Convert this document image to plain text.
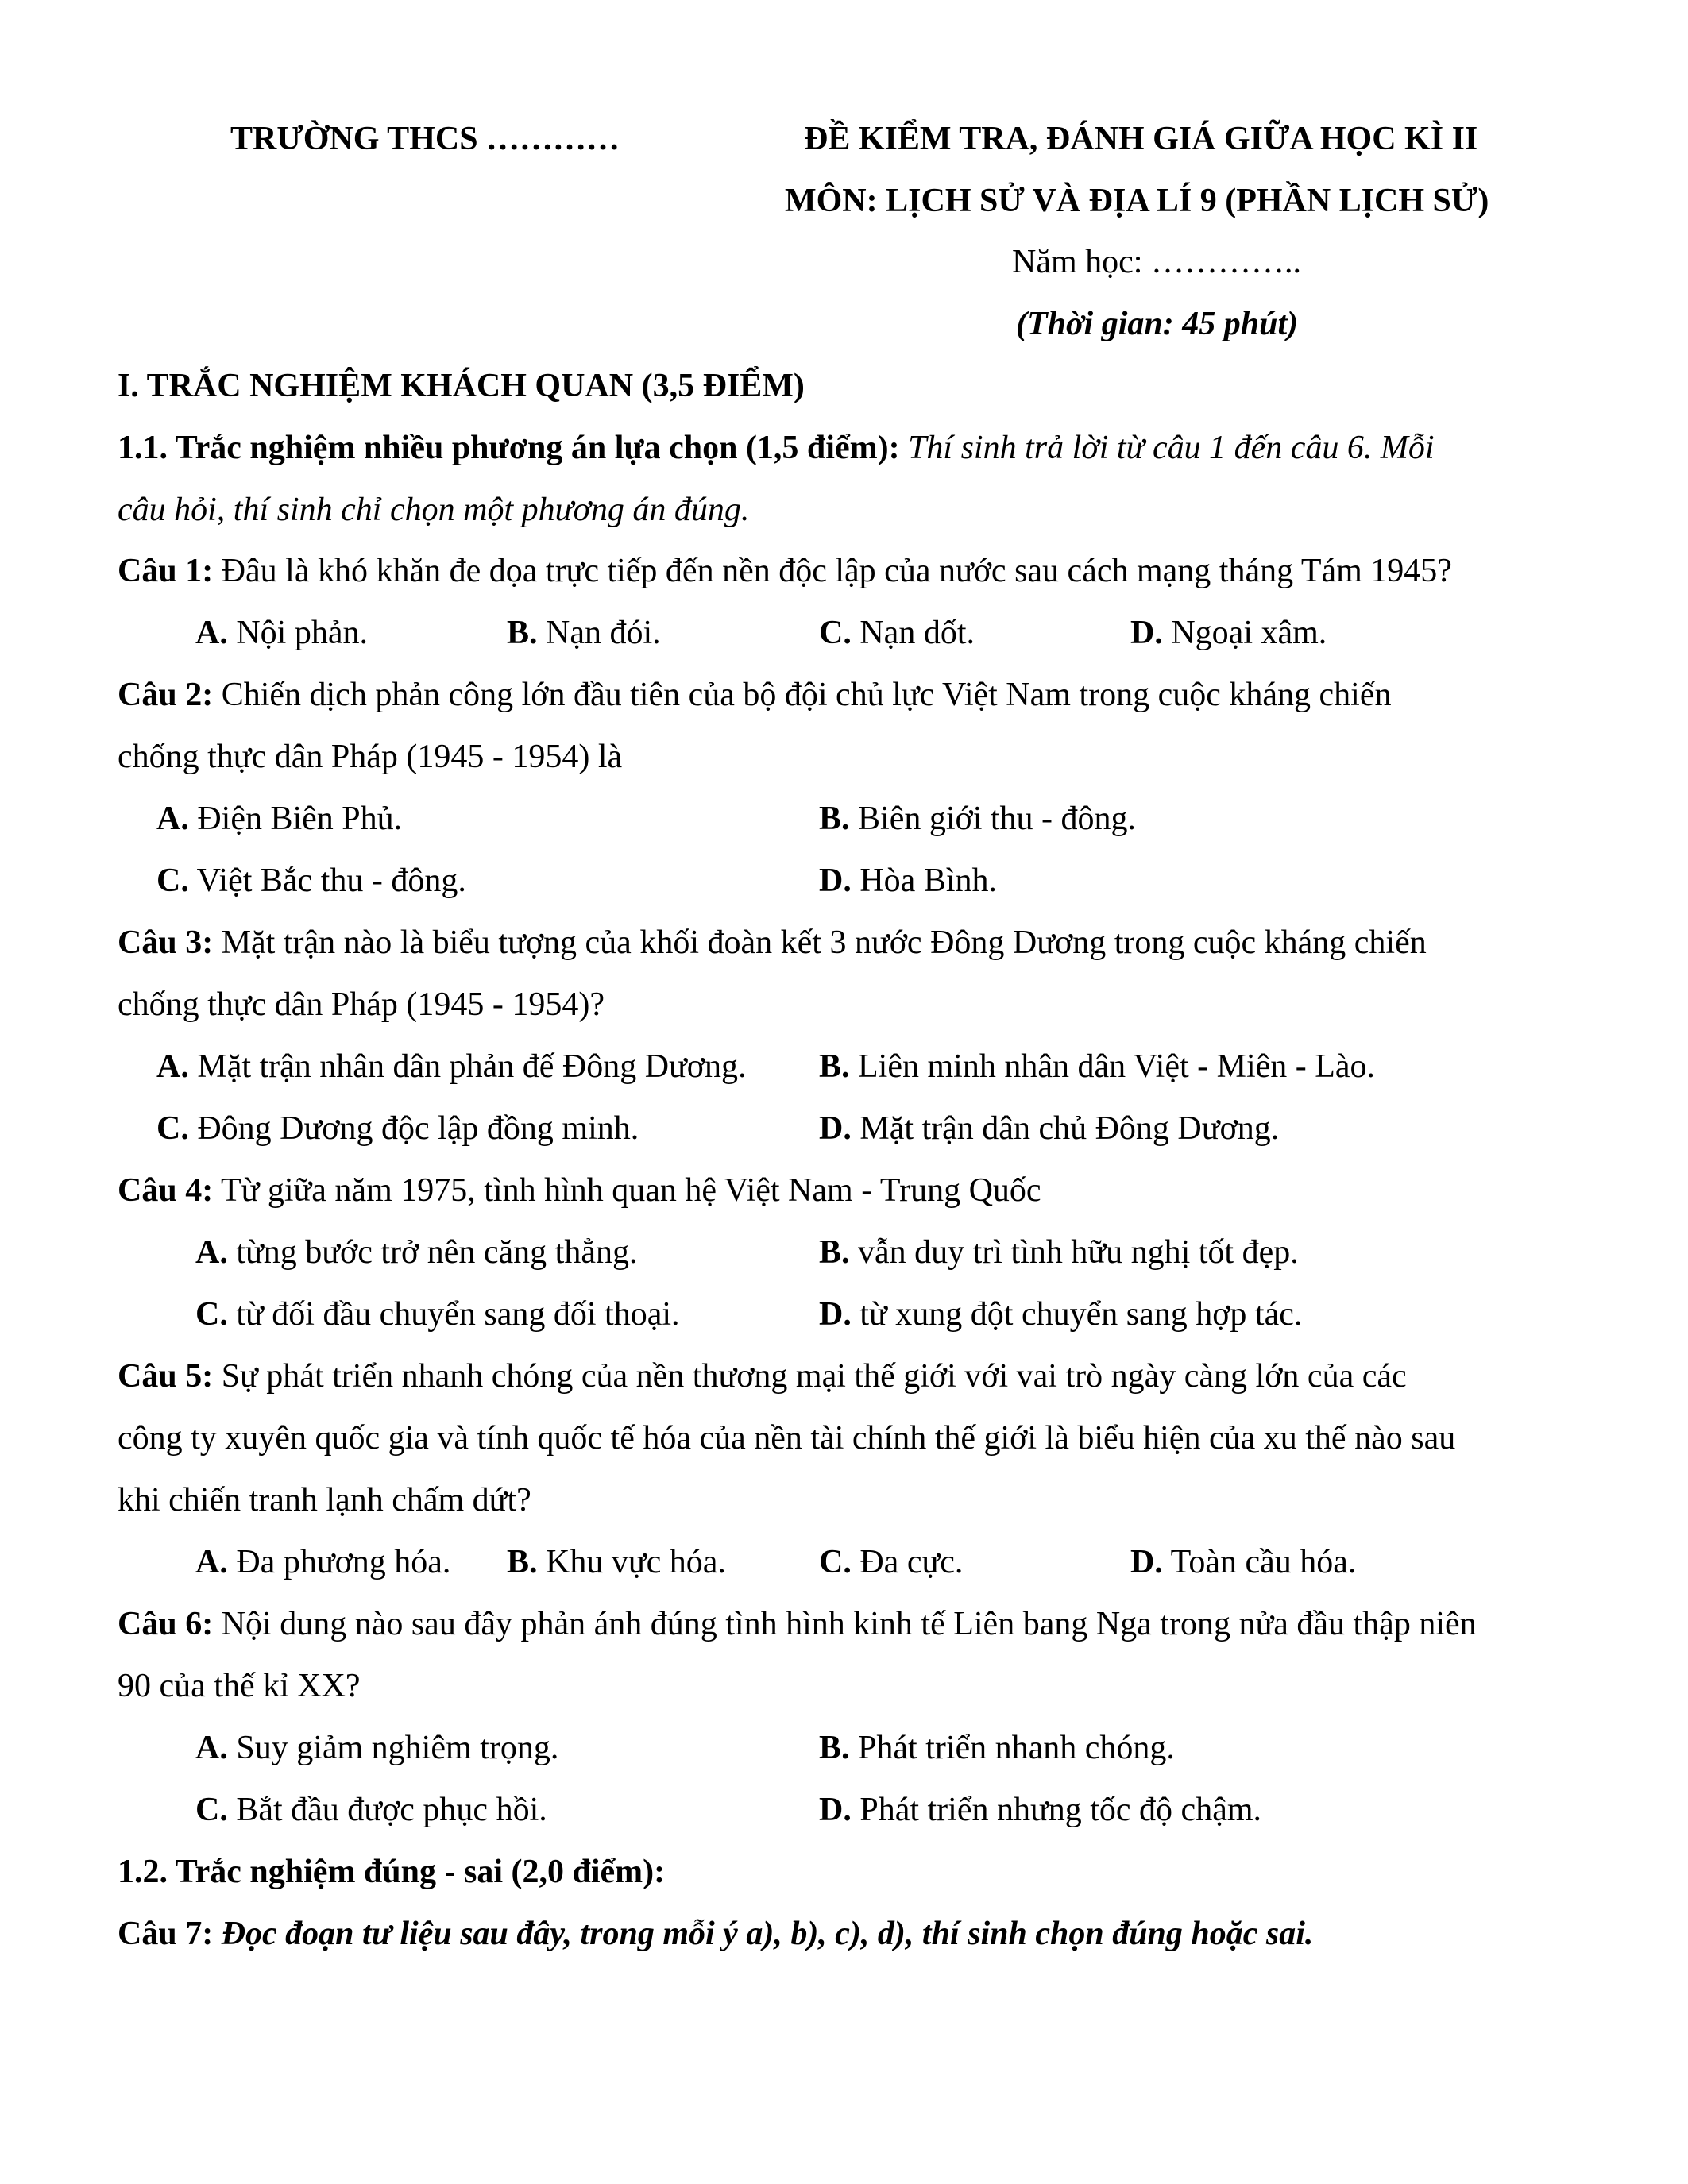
TRƯỜNG THCS …………	ĐỀ KIỂM TRA, ĐÁNH GIÁ GIỮA HỌC KÌ II
MÔN: LỊCH SỬ VÀ ĐỊA LÍ 9 (PHẦN LỊCH SỬ)
Năm học: …………..
(Thời gian: 45 phút)
I. TRẮC NGHIỆM KHÁCH QUAN (3,5 ĐIỂM)
1.1. Trắc nghiệm nhiều phương án lựa chọn (1,5 điểm): Thí sinh trả lời từ câu 1 đến câu 6. Mỗi
câu hỏi, thí sinh chỉ chọn một phương án đúng.
Câu 1: Đâu là khó khăn đe dọa trực tiếp đến nền độc lập của nước sau cách mạng tháng Tám 1945?
A. Nội phản.	B. Nạn đói.	C. Nạn dốt.	D. Ngoại xâm.
Câu 2: Chiến dịch phản công lớn đầu tiên của bộ đội chủ lực Việt Nam trong cuộc kháng chiến
chống thực dân Pháp (1945 - 1954) là
A. Điện Biên Phủ.	B. Biên giới thu - đông.
C. Việt Bắc thu - đông.	D. Hòa Bình.
Câu 3: Mặt trận nào là biểu tượng của khối đoàn kết 3 nước Đông Dương trong cuộc kháng chiến
chống thực dân Pháp (1945 - 1954)?
A. Mặt trận nhân dân phản đế Đông Dương. B. Liên minh nhân dân Việt - Miên - Lào.
C. Đông Dương độc lập đồng minh.	D. Mặt trận dân chủ Đông Dương.
Câu 4: Từ giữa năm 1975, tình hình quan hệ Việt Nam - Trung Quốc
A. từng bước trở nên căng thẳng.	B. vẫn duy trì tình hữu nghị tốt đẹp.
C. từ đối đầu chuyển sang đối thoại.	D. từ xung đột chuyển sang hợp tác.
Câu 5: Sự phát triển nhanh chóng của nền thương mại thế giới với vai trò ngày càng lớn của các
công ty xuyên quốc gia và tính quốc tế hóa của nền tài chính thế giới là biểu hiện của xu thế nào sau
khi chiến tranh lạnh chấm dứt?
A. Đa phương hóa. B. Khu vực hóa.	C. Đa cực.	D. Toàn cầu hóa.
Câu 6: Nội dung nào sau đây phản ánh đúng tình hình kinh tế Liên bang Nga trong nửa đầu thập niên
90 của thế kỉ XX?
A. Suy giảm nghiêm trọng.	B. Phát triển nhanh chóng.
C. Bắt đầu được phục hồi.	D. Phát triển nhưng tốc độ chậm.
1.2. Trắc nghiệm đúng - sai (2,0 điểm):
Câu 7: Đọc đoạn tư liệu sau đây, trong mỗi ý a), b), c), d), thí sinh chọn đúng hoặc sai.
